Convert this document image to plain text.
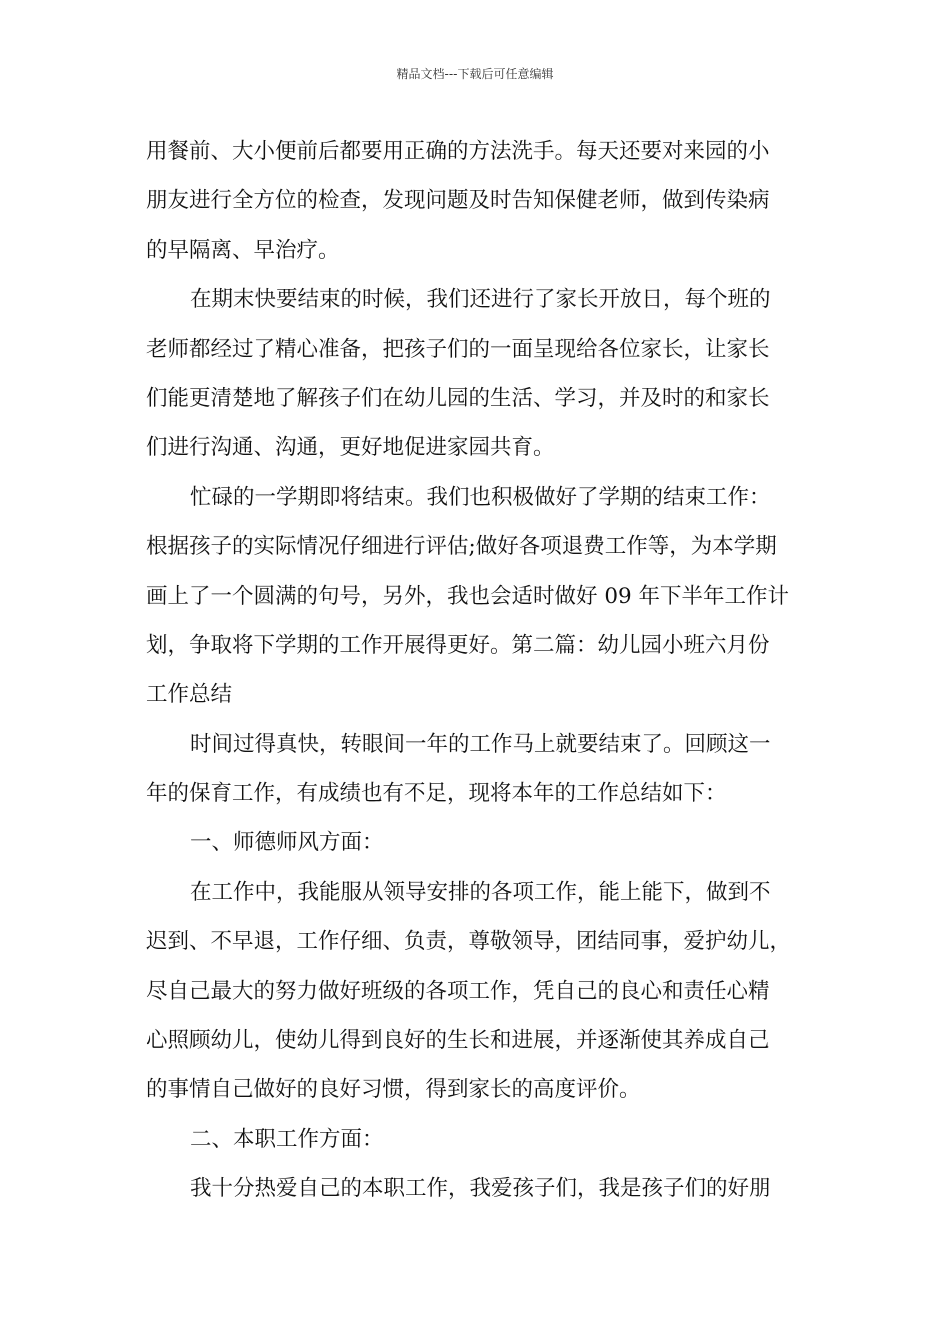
精品文档---下载后可任意编辑
用餐前、大小便前后都要用正确的方法洗手。每天还要对来园的小
朋友进行全方位的检查，发现问题及时告知保健老师，做到传染病
的早隔离、早治疗。
在期末快要结束的时候，我们还进行了家长开放日，每个班的
老师都经过了精心准备，把孩子们的一面呈现给各位家长，让家长
们能更清楚地了解孩子们在幼儿园的生活、学习，并及时的和家长
们进行沟通、沟通，更好地促进家园共育。
忙碌的一学期即将结束。我们也积极做好了学期的结束工作：
根据孩子的实际情况仔细进行评估;做好各项退费工作等，为本学期
画上了一个圆满的句号，另外，我也会适时做好 09 年下半年工作计
划，争取将下学期的工作开展得更好。第二篇：幼儿园小班六月份
工作总结
时间过得真快，转眼间一年的工作马上就要结束了。回顾这一
年的保育工作，有成绩也有不足，现将本年的工作总结如下：
一、师德师风方面：
在工作中，我能服从领导安排的各项工作，能上能下，做到不
迟到、不早退，工作仔细、负责，尊敬领导，团结同事，爱护幼儿，
尽自己最大的努力做好班级的各项工作，凭自己的良心和责任心精
心照顾幼儿，使幼儿得到良好的生长和进展，并逐渐使其养成自己
的事情自己做好的良好习惯，得到家长的高度评价。
二、本职工作方面：
我十分热爱自己的本职工作，我爱孩子们，我是孩子们的好朋
